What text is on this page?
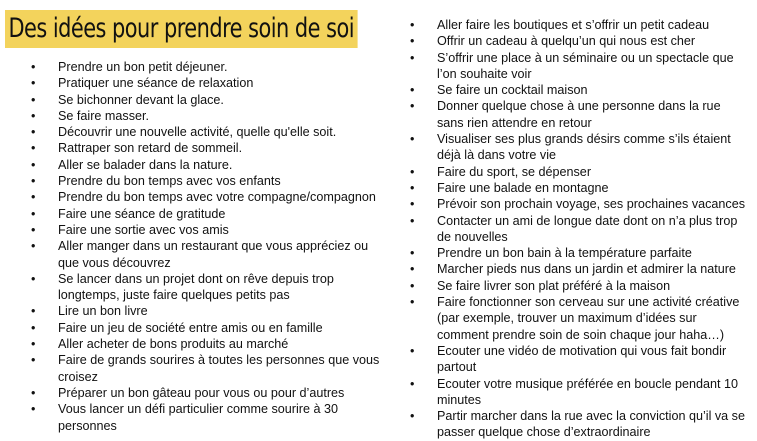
Des idées pour prendre soin de soi
• Prendre un bon petit déjeuner.
• Pratiquer une séance de relaxation
• Se bichonner devant la glace.
• Se faire masser.
• Découvrir une nouvelle activité, quelle qu'elle soit.
• Rattraper son retard de sommeil.
• Aller se balader dans la nature.
• Prendre du bon temps avec vos enfants
• Prendre du bon temps avec votre compagne/compagnon
• Faire une séance de gratitude
• Faire une sortie avec vos amis
• Aller manger dans un restaurant que vous appréciez ou que vous découvrez
• Se lancer dans un projet dont on rêve depuis trop longtemps, juste faire quelques petits pas
• Lire un bon livre
• Faire un jeu de société entre amis ou en famille
• Aller acheter de bons produits au marché
• Faire de grands sourires à toutes les personnes que vous croisez
• Préparer un bon gâteau pour vous ou pour d’autres
• Vous lancer un défi particulier comme sourire à 30 personnes
• Aller faire les boutiques et s’offrir un petit cadeau
• Offrir un cadeau à quelqu’un qui nous est cher
• S’offrir une place à un séminaire ou un spectacle que l’on souhaite voir
• Se faire un cocktail maison
• Donner quelque chose à une personne dans la rue sans rien attendre en retour
• Visualiser ses plus grands désirs comme s’ils étaient déjà là dans votre vie
• Faire du sport, se dépenser
• Faire une balade en montagne
• Prévoir son prochain voyage, ses prochaines vacances
• Contacter un ami de longue date dont on n’a plus trop de nouvelles
• Prendre un bon bain à la température parfaite
• Marcher pieds nus dans un jardin et admirer la nature
• Se faire livrer son plat préféré à la maison
• Faire fonctionner son cerveau sur une activité créative (par exemple, trouver un maximum d’idées sur comment prendre soin de soin chaque jour haha…)
• Ecouter une vidéo de motivation qui vous fait bondir partout
• Ecouter votre musique préférée en boucle pendant 10 minutes
• Partir marcher dans la rue avec la conviction qu’il va se passer quelque chose d’extraordinaire
